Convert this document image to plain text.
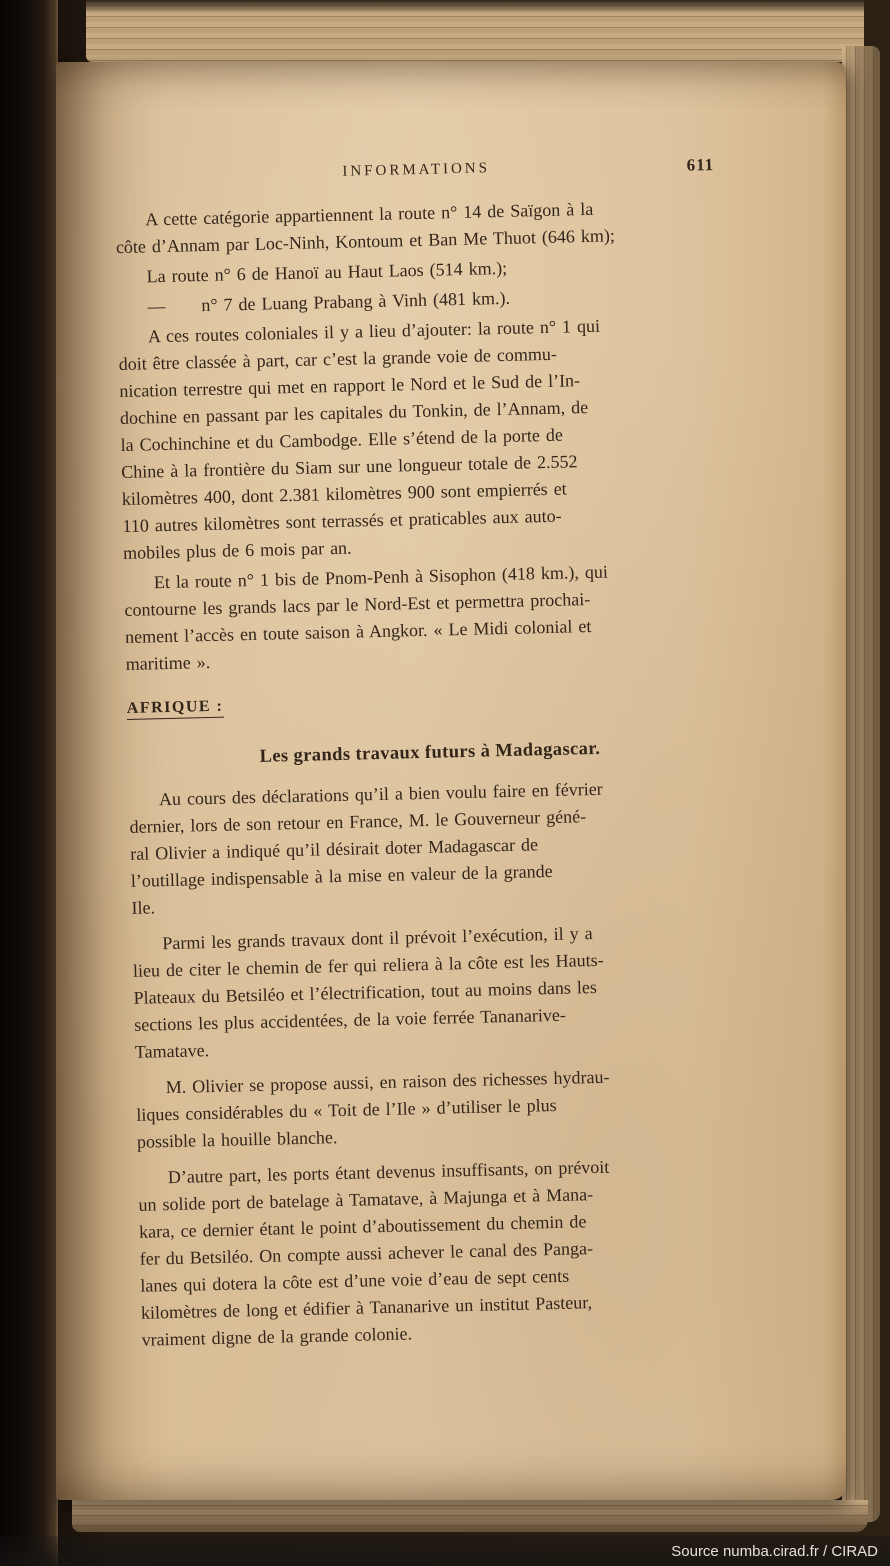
INFORMATIONS	611

A cette catégorie appartiennent la route n° 14 de Saïgon à la
côte d’Annam par Loc-Ninh, Kontoum et Ban Me Thuot (646 km);

La route n° 6 de Hanoï au Haut Laos (514 km.);

—  n° 7 de Luang Prabang à Vinh (481 km.).

A ces routes coloniales il y a lieu d’ajouter: la route n° 1 qui
doit être classée à part, car c’est la grande voie de commu-
nication terrestre qui met en rapport le Nord et le Sud de l’In-
dochine en passant par les capitales du Tonkin, de l’Annam, de
la Cochinchine et du Cambodge. Elle s’étend de la porte de
Chine à la frontière du Siam sur une longueur totale de 2.552
kilomètres 400, dont 2.381 kilomètres 900 sont empierrés et
110 autres kilomètres sont terrassés et praticables aux auto-
mobiles plus de 6 mois par an.

Et la route n° 1 bis de Pnom-Penh à Sisophon (418 km.), qui
contourne les grands lacs par le Nord-Est et permettra prochai-
nement l’accès en toute saison à Angkor. « Le Midi colonial et
maritime ».

AFRIQUE :
Les grands travaux futurs à Madagascar.

Au cours des déclarations qu’il a bien voulu faire en février
dernier, lors de son retour en France, M. le Gouverneur géné-
ral Olivier a indiqué qu’il désirait doter Madagascar de
l’outillage indispensable à la mise en valeur de la grande
Ile.

Parmi les grands travaux dont il prévoit l’exécution, il y a
lieu de citer le chemin de fer qui reliera à la côte est les Hauts-
Plateaux du Betsiléo et l’électrification, tout au moins dans les
sections les plus accidentées, de la voie ferrée Tananarive-
Tamatave.

M. Olivier se propose aussi, en raison des richesses hydrau-
liques considérables du « Toit de l’Ile » d’utiliser le plus
possible la houille blanche.

D’autre part, les ports étant devenus insuffisants, on prévoit
un solide port de batelage à Tamatave, à Majunga et à Mana-
kara, ce dernier étant le point d’aboutissement du chemin de
fer du Betsiléo. On compte aussi achever le canal des Panga-
lanes qui dotera la côte est d’une voie d’eau de sept cents
kilomètres de long et édifier à Tananarive un institut Pasteur,
vraiment digne de la grande colonie.

Source numba.cirad.fr / CIRAD
